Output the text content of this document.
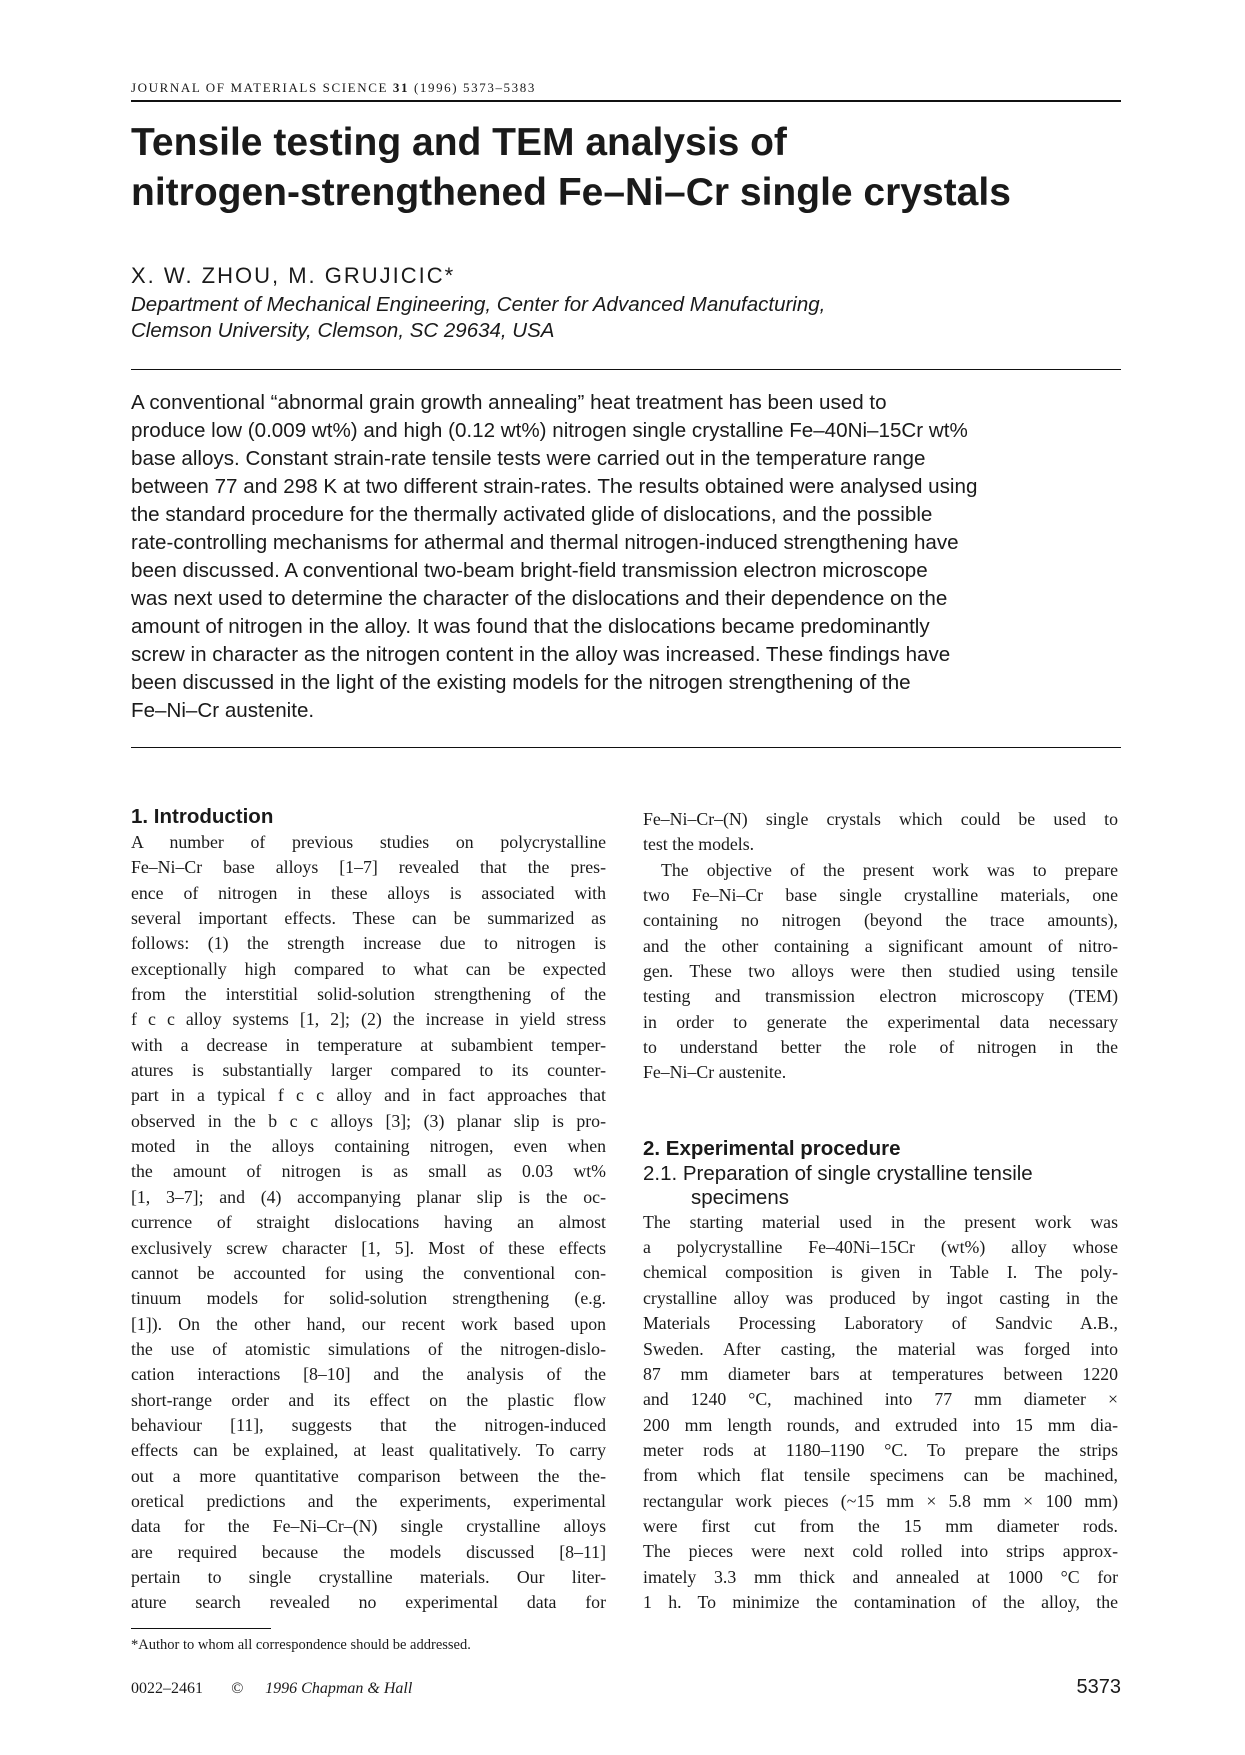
JOURNAL OF MATERIALS SCIENCE 31 (1996) 5373–5383
Tensile testing and TEM analysis of
nitrogen-strengthened Fe–Ni–Cr single crystals
X. W. ZHOU, M. GRUJICIC*
Department of Mechanical Engineering, Center for Advanced Manufacturing,
Clemson University, Clemson, SC 29634, USA
A conventional “abnormal grain growth annealing” heat treatment has been used to
produce low (0.009 wt%) and high (0.12 wt%) nitrogen single crystalline Fe–40Ni–15Cr wt%
base alloys. Constant strain-rate tensile tests were carried out in the temperature range
between 77 and 298 K at two different strain-rates. The results obtained were analysed using
the standard procedure for the thermally activated glide of dislocations, and the possible
rate-controlling mechanisms for athermal and thermal nitrogen-induced strengthening have
been discussed. A conventional two-beam bright-field transmission electron microscope
was next used to determine the character of the dislocations and their dependence on the
amount of nitrogen in the alloy. It was found that the dislocations became predominantly
screw in character as the nitrogen content in the alloy was increased. These findings have
been discussed in the light of the existing models for the nitrogen strengthening of the
Fe–Ni–Cr austenite.
1. Introduction
A number of previous studies on polycrystalline
Fe–Ni–Cr base alloys [1–7] revealed that the pres-
ence of nitrogen in these alloys is associated with
several important effects. These can be summarized as
follows: (1) the strength increase due to nitrogen is
exceptionally high compared to what can be expected
from the interstitial solid-solution strengthening of the
f c c alloy systems [1, 2]; (2) the increase in yield stress
with a decrease in temperature at subambient temper-
atures is substantially larger compared to its counter-
part in a typical f c c alloy and in fact approaches that
observed in the b c c alloys [3]; (3) planar slip is pro-
moted in the alloys containing nitrogen, even when
the amount of nitrogen is as small as 0.03 wt%
[1, 3–7]; and (4) accompanying planar slip is the oc-
currence of straight dislocations having an almost
exclusively screw character [1, 5]. Most of these effects
cannot be accounted for using the conventional con-
tinuum models for solid-solution strengthening (e.g.
[1]). On the other hand, our recent work based upon
the use of atomistic simulations of the nitrogen-dislo-
cation interactions [8–10] and the analysis of the
short-range order and its effect on the plastic flow
behaviour [11], suggests that the nitrogen-induced
effects can be explained, at least qualitatively. To carry
out a more quantitative comparison between the the-
oretical predictions and the experiments, experimental
data for the Fe–Ni–Cr–(N) single crystalline alloys
are required because the models discussed [8–11]
pertain to single crystalline materials. Our liter-
ature search revealed no experimental data for
Fe–Ni–Cr–(N) single crystals which could be used to
test the models.
The objective of the present work was to prepare
two Fe–Ni–Cr base single crystalline materials, one
containing no nitrogen (beyond the trace amounts),
and the other containing a significant amount of nitro-
gen. These two alloys were then studied using tensile
testing and transmission electron microscopy (TEM)
in order to generate the experimental data necessary
to understand better the role of nitrogen in the
Fe–Ni–Cr austenite.
2. Experimental procedure
2.1. Preparation of single crystalline tensile
specimens
The starting material used in the present work was
a polycrystalline Fe–40Ni–15Cr (wt%) alloy whose
chemical composition is given in Table I. The poly-
crystalline alloy was produced by ingot casting in the
Materials Processing Laboratory of Sandvic A.B.,
Sweden. After casting, the material was forged into
87 mm diameter bars at temperatures between 1220
and 1240 °C, machined into 77 mm diameter ×
200 mm length rounds, and extruded into 15 mm dia-
meter rods at 1180–1190 °C. To prepare the strips
from which flat tensile specimens can be machined,
rectangular work pieces (~15 mm × 5.8 mm × 100 mm)
were first cut from the 15 mm diameter rods.
The pieces were next cold rolled into strips approx-
imately 3.3 mm thick and annealed at 1000 °C for
1 h. To minimize the contamination of the alloy, the
*Author to whom all correspondence should be addressed.
0022–2461 © 1996 Chapman & Hall	5373
